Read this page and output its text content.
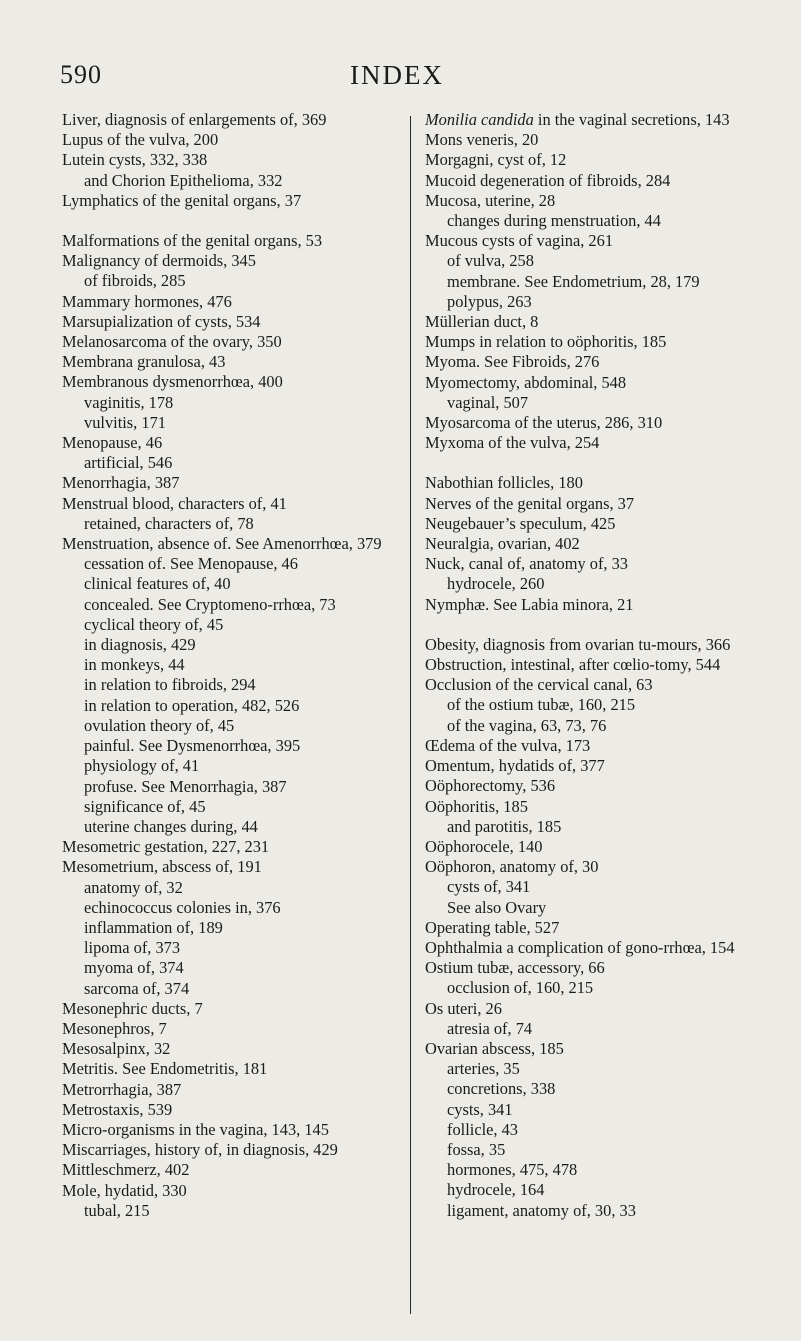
590	INDEX

Liver, diagnosis of enlargements of, 369

Lupus of the vulva, 200

Lutein cysts, 332, 338

and Chorion Epithelioma, 332

Lymphatics of the genital organs, 37

Malformations of the genital organs, 53

Malignancy of dermoids, 345

of fibroids, 285

Mammary hormones, 476

Marsupialization of cysts, 534

Melanosarcoma of the ovary, 350

Membrana granulosa, 43

Membranous dysmenorrhœa, 400

vaginitis, 178

vulvitis, 171

Menopause, 46

artificial, 546

Menorrhagia, 387

Menstrual blood, characters of, 41

retained, characters of, 78

Menstruation, absence of. See Amenorrhœa, 379

cessation of. See Menopause, 46

clinical features of, 40

concealed. See Cryptomeno-rrhœa, 73

cyclical theory of, 45

in diagnosis, 429

in monkeys, 44

in relation to fibroids, 294

in relation to operation, 482, 526

ovulation theory of, 45

painful. See Dysmenorrhœa, 395

physiology of, 41

profuse. See Menorrhagia, 387

significance of, 45

uterine changes during, 44

Mesometric gestation, 227, 231

Mesometrium, abscess of, 191

anatomy of, 32

echinococcus colonies in, 376

inflammation of, 189

lipoma of, 373

myoma of, 374

sarcoma of, 374

Mesonephric ducts, 7

Mesonephros, 7

Mesosalpinx, 32

Metritis. See Endometritis, 181

Metrorrhagia, 387

Metrostaxis, 539

Micro-organisms in the vagina, 143, 145

Miscarriages, history of, in diagnosis, 429

Mittleschmerz, 402

Mole, hydatid, 330

tubal, 215

Monilia candida in the vaginal secretions, 143

Mons veneris, 20

Morgagni, cyst of, 12

Mucoid degeneration of fibroids, 284

Mucosa, uterine, 28

changes during menstruation, 44

Mucous cysts of vagina, 261

of vulva, 258

membrane. See Endometrium, 28, 179

polypus, 263

Müllerian duct, 8

Mumps in relation to oöphoritis, 185

Myoma. See Fibroids, 276

Myomectomy, abdominal, 548

vaginal, 507

Myosarcoma of the uterus, 286, 310

Myxoma of the vulva, 254

Nabothian follicles, 180

Nerves of the genital organs, 37

Neugebauer’s speculum, 425

Neuralgia, ovarian, 402

Nuck, canal of, anatomy of, 33

hydrocele, 260

Nymphæ. See Labia minora, 21

Obesity, diagnosis from ovarian tu-mours, 366

Obstruction, intestinal, after cœlio-tomy, 544

Occlusion of the cervical canal, 63

of the ostium tubæ, 160, 215

of the vagina, 63, 73, 76

Œdema of the vulva, 173

Omentum, hydatids of, 377

Oöphorectomy, 536

Oöphoritis, 185

and parotitis, 185

Oöphorocele, 140

Oöphoron, anatomy of, 30

cysts of, 341

See also Ovary

Operating table, 527

Ophthalmia a complication of gono-rrhœa, 154

Ostium tubæ, accessory, 66

occlusion of, 160, 215

Os uteri, 26

atresia of, 74

Ovarian abscess, 185

arteries, 35

concretions, 338

cysts, 341

follicle, 43

fossa, 35

hormones, 475, 478

hydrocele, 164

ligament, anatomy of, 30, 33
